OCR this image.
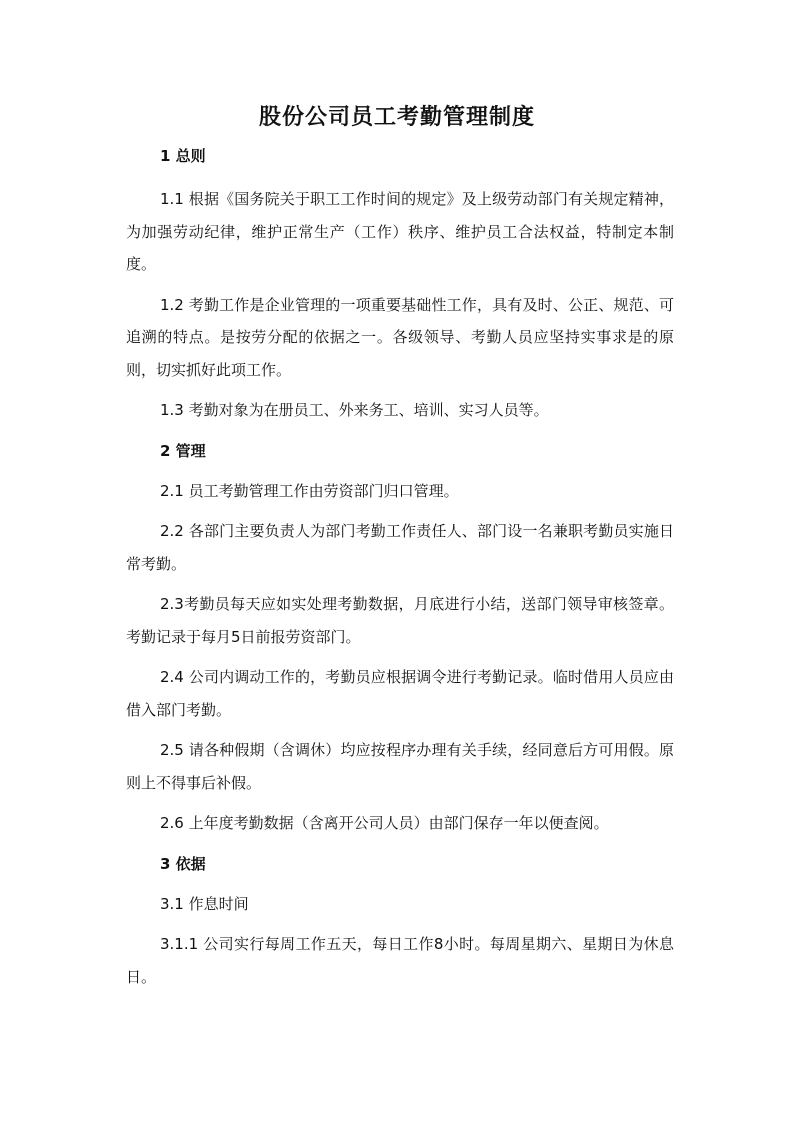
股份公司员工考勤管理制度

1 总则

1.1 根据《国务院关于职工工作时间的规定》及上级劳动部门有关规定精神，为加强劳动纪律，维护正常生产（工作）秩序、维护员工合法权益，特制定本制度。

1.2 考勤工作是企业管理的一项重要基础性工作，具有及时、公正、规范、可追溯的特点。是按劳分配的依据之一。各级领导、考勤人员应坚持实事求是的原则，切实抓好此项工作。

1.3 考勤对象为在册员工、外来务工、培训、实习人员等。

2 管理

2.1 员工考勤管理工作由劳资部门归口管理。

2.2 各部门主要负责人为部门考勤工作责任人、部门设一名兼职考勤员实施日常考勤。

2.3考勤员每天应如实处理考勤数据，月底进行小结，送部门领导审核签章。考勤记录于每月5日前报劳资部门。

2.4 公司内调动工作的，考勤员应根据调令进行考勤记录。临时借用人员应由借入部门考勤。

2.5 请各种假期（含调休）均应按程序办理有关手续，经同意后方可用假。原则上不得事后补假。

2.6 上年度考勤数据（含离开公司人员）由部门保存一年以便查阅。

3 依据

3.1 作息时间

3.1.1 公司实行每周工作五天，每日工作8小时。每周星期六、星期日为休息日。
